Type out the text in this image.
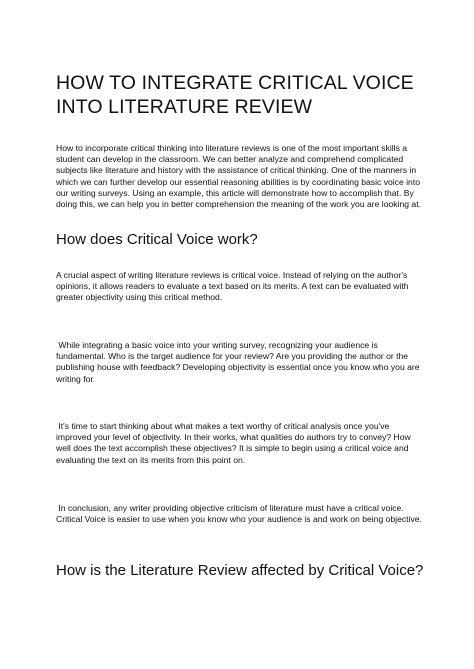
HOW TO INTEGRATE CRITICAL VOICE INTO LITERATURE REVIEW

How to incorporate critical thinking into literature reviews is one of the most important skills a student can develop in the classroom. We can better analyze and comprehend complicated subjects like literature and history with the assistance of critical thinking. One of the manners in which we can further develop our essential reasoning abilities is by coordinating basic voice into our writing surveys. Using an example, this article will demonstrate how to accomplish that. By doing this, we can help you in better comprehension the meaning of the work you are looking at.

How does Critical Voice work?

A crucial aspect of writing literature reviews is critical voice. Instead of relying on the author's opinions, it allows readers to evaluate a text based on its merits. A text can be evaluated with greater objectivity using this critical method.

While integrating a basic voice into your writing survey, recognizing your audience is fundamental. Who is the target audience for your review? Are you providing the author or the publishing house with feedback? Developing objectivity is essential once you know who you are writing for.

It's time to start thinking about what makes a text worthy of critical analysis once you've improved your level of objectivity. In their works, what qualities do authors try to convey? How well does the text accomplish these objectives? It is simple to begin using a critical voice and evaluating the text on its merits from this point on.

In conclusion, any writer providing objective criticism of literature must have a critical voice. Critical Voice is easier to use when you know who your audience is and work on being objective.

How is the Literature Review affected by Critical Voice?
